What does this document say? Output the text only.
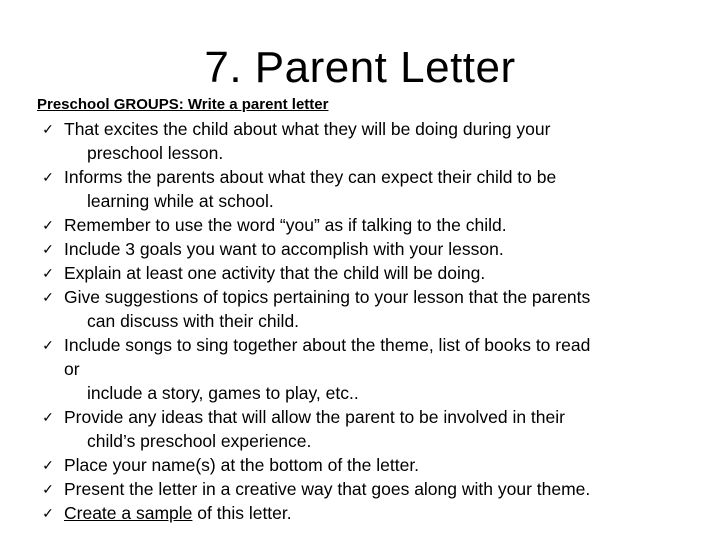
7. Parent Letter
Preschool GROUPS: Write a parent letter
✓ That excites the child about what they will be doing during your
preschool lesson.
✓ Informs the parents about what they can expect their child to be
learning while at school.
✓ Remember to use the word “you” as if talking to the child.
✓ Include 3 goals you want to accomplish with your lesson.
✓ Explain at least one activity that the child will be doing.
✓ Give suggestions of topics pertaining to your lesson that the parents
can discuss with their child.
✓ Include songs to sing together about the theme, list of books to read
or
include a story, games to play, etc..
✓ Provide any ideas that will allow the parent to be involved in their
child’s preschool experience.
✓ Place your name(s) at the bottom of the letter.
✓ Present the letter in a creative way that goes along with your theme.
✓ Create a sample of this letter.
